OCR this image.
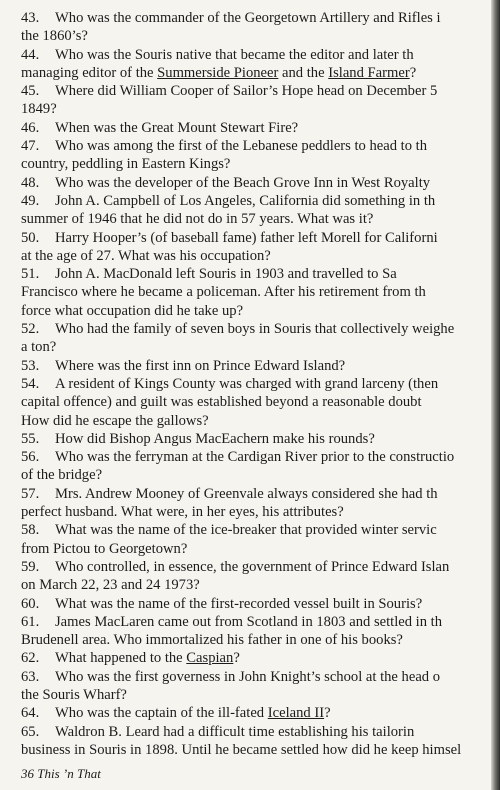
43. Who was the commander of the Georgetown Artillery and Rifles i

the 1860’s?

44. Who was the Souris native that became the editor and later th

managing editor of the Summerside Pioneer and the Island Farmer?

45. Where did William Cooper of Sailor’s Hope head on December 5

1849?

46. When was the Great Mount Stewart Fire?

47. Who was among the first of the Lebanese peddlers to head to th

country, peddling in Eastern Kings?

48. Who was the developer of the Beach Grove Inn in West Royalty

49. John A. Campbell of Los Angeles, California did something in th

summer of 1946 that he did not do in 57 years. What was it?

50. Harry Hooper’s (of baseball fame) father left Morell for Californi

at the age of 27. What was his occupation?

51. John A. MacDonald left Souris in 1903 and travelled to Sa

Francisco where he became a policeman. After his retirement from th

force what occupation did he take up?

52. Who had the family of seven boys in Souris that collectively weighe

a ton?

53. Where was the first inn on Prince Edward Island?

54. A resident of Kings County was charged with grand larceny (then

capital offence) and guilt was established beyond a reasonable doubt

How did he escape the gallows?

55. How did Bishop Angus MacEachern make his rounds?

56. Who was the ferryman at the Cardigan River prior to the constructio

of the bridge?

57. Mrs. Andrew Mooney of Greenvale always considered she had th

perfect husband. What were, in her eyes, his attributes?

58. What was the name of the ice-breaker that provided winter servic

from Pictou to Georgetown?

59. Who controlled, in essence, the government of Prince Edward Islan

on March 22, 23 and 24 1973?

60. What was the name of the first-recorded vessel built in Souris?

61. James MacLaren came out from Scotland in 1803 and settled in th

Brudenell area. Who immortalized his father in one of his books?

62. What happened to the Caspian?

63. Who was the first governess in John Knight’s school at the head o

the Souris Wharf?

64. Who was the captain of the ill-fated Iceland II?

65. Waldron B. Leard had a difficult time establishing his tailorin

business in Souris in 1898. Until he became settled how did he keep himsel

36 This ’n That
